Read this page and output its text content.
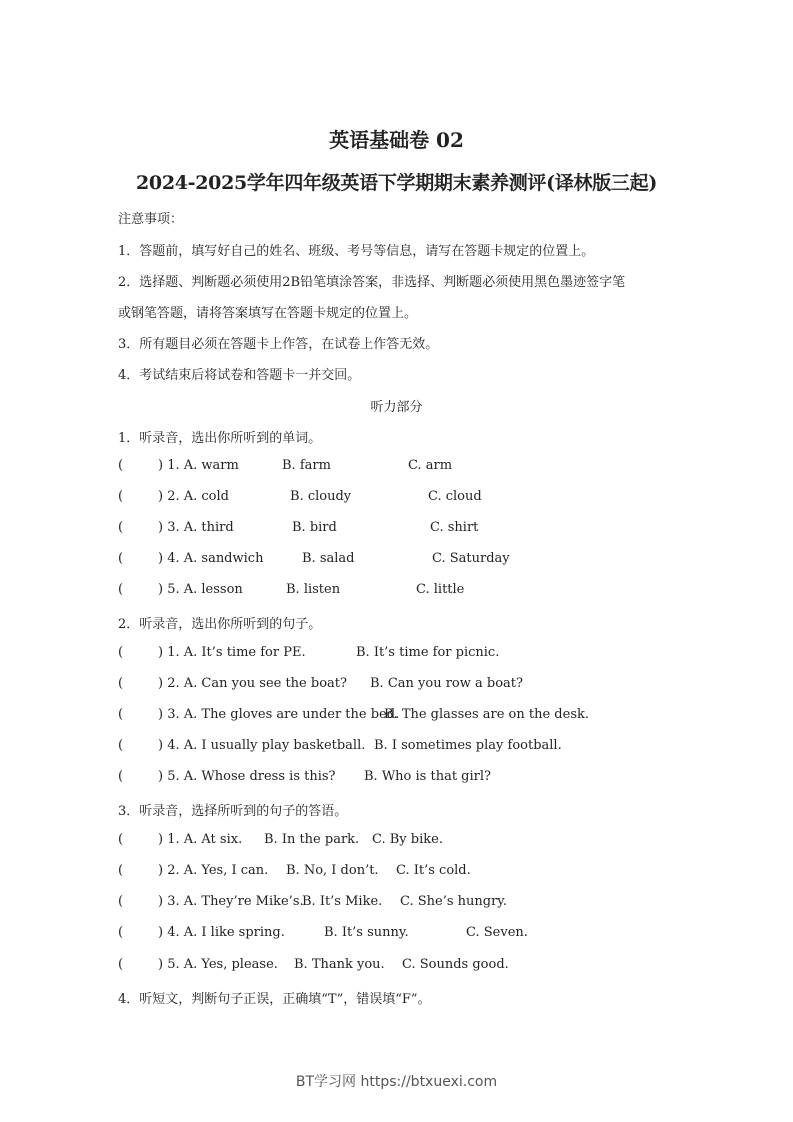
英语基础卷 02
2024-2025学年四年级英语下学期期末素养测评(译林版三起)
注意事项：
1．答题前，填写好自己的姓名、班级、考号等信息，请写在答题卡规定的位置上。
2．选择题、判断题必须使用2B铅笔填涂答案，非选择、判断题必须使用黑色墨迹签字笔
或钢笔答题，请将答案填写在答题卡规定的位置上。
3．所有题目必须在答题卡上作答，在试卷上作答无效。
4．考试结束后将试卷和答题卡一并交回。
听力部分
1．听录音，选出你所听到的单词。
(	) 1. A. warm	B. farm	C. arm
(	) 2. A. cold	B. cloudy	C. cloud
(	) 3. A. third	B. bird	C. shirt
(	) 4. A. sandwich	B. salad	C. Saturday
(	) 5. A. lesson	B. listen	C. little
2．听录音，选出你所听到的句子。
(	) 1. A. It’s time for PE.	B. It’s time for picnic.
(	) 2. A. Can you see the boat? B. Can you row a boat?
(	) 3. A. The gloves are under the bed.
B. The glasses are on the desk.
(	) 4. A. I usually play basketball. B. I sometimes play football.
(	) 5. A. Whose dress is this? B. Who is that girl?
3．听录音，选择所听到的句子的答语。
(	) 1. A. At six. B. In the park. C. By bike.
(	) 2. A. Yes, I can. B. No, I don’t. C. It’s cold.
(	) 3. A. They’re Mike’s.
B. It’s Mike. C. She’s hungry.
(	) 4. A. I like spring.	B. It’s sunny.	C. Seven.
(	) 5. A. Yes, please. B. Thank you. C. Sounds good.
4．听短文，判断句子正误，正确填“T”，错误填“F”。
BT学习网 https://btxuexi.com
